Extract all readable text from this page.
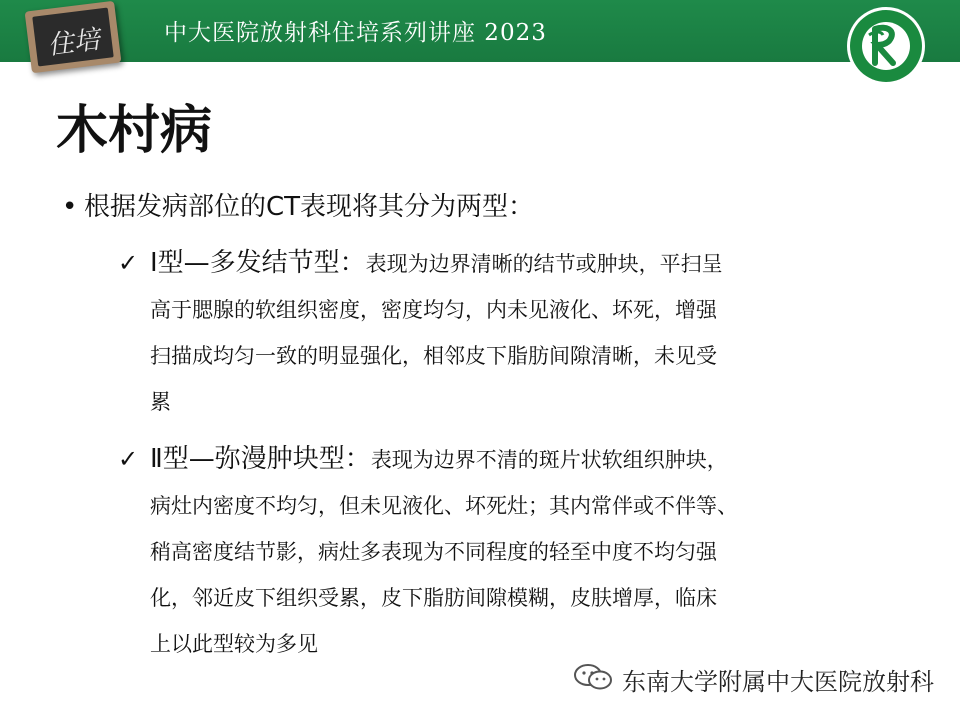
住培	中大医院放射科住培系列讲座 2023
木村病
• 根据发病部位的CT表现将其分为两型：
✓ I型—多发结节型：表现为边界清晰的结节或肿块，平扫呈
高于腮腺的软组织密度，密度均匀，内未见液化、坏死，增强
扫描成均匀一致的明显强化，相邻皮下脂肪间隙清晰，未见受
累
✓ Ⅱ型—弥漫肿块型：表现为边界不清的斑片状软组织肿块，
病灶内密度不均匀，但未见液化、坏死灶；其内常伴或不伴等、
稍高密度结节影，病灶多表现为不同程度的轻至中度不均匀强
化，邻近皮下组织受累，皮下脂肪间隙模糊，皮肤增厚，临床
上以此型较为多见
东南大学附属中大医院放射科
